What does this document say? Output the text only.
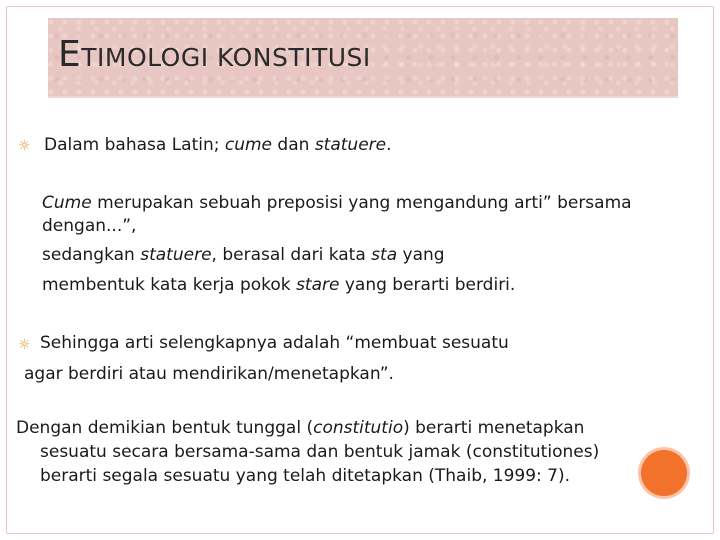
ETIMOLOGI KONSTITUSI
☼
Dalam bahasa Latin; cume dan statuere.
Cume merupakan sebuah preposisi yang mengandung arti” bersama
dengan...”,
sedangkan statuere, berasal dari kata sta yang
membentuk kata kerja pokok stare yang berarti berdiri.
☼
Sehingga arti selengkapnya adalah “membuat sesuatu
agar berdiri atau mendirikan/menetapkan”.
Dengan demikian bentuk tunggal (constitutio) berarti menetapkan
sesuatu secara bersama-sama dan bentuk jamak (constitutiones)
berarti segala sesuatu yang telah ditetapkan (Thaib, 1999: 7).
